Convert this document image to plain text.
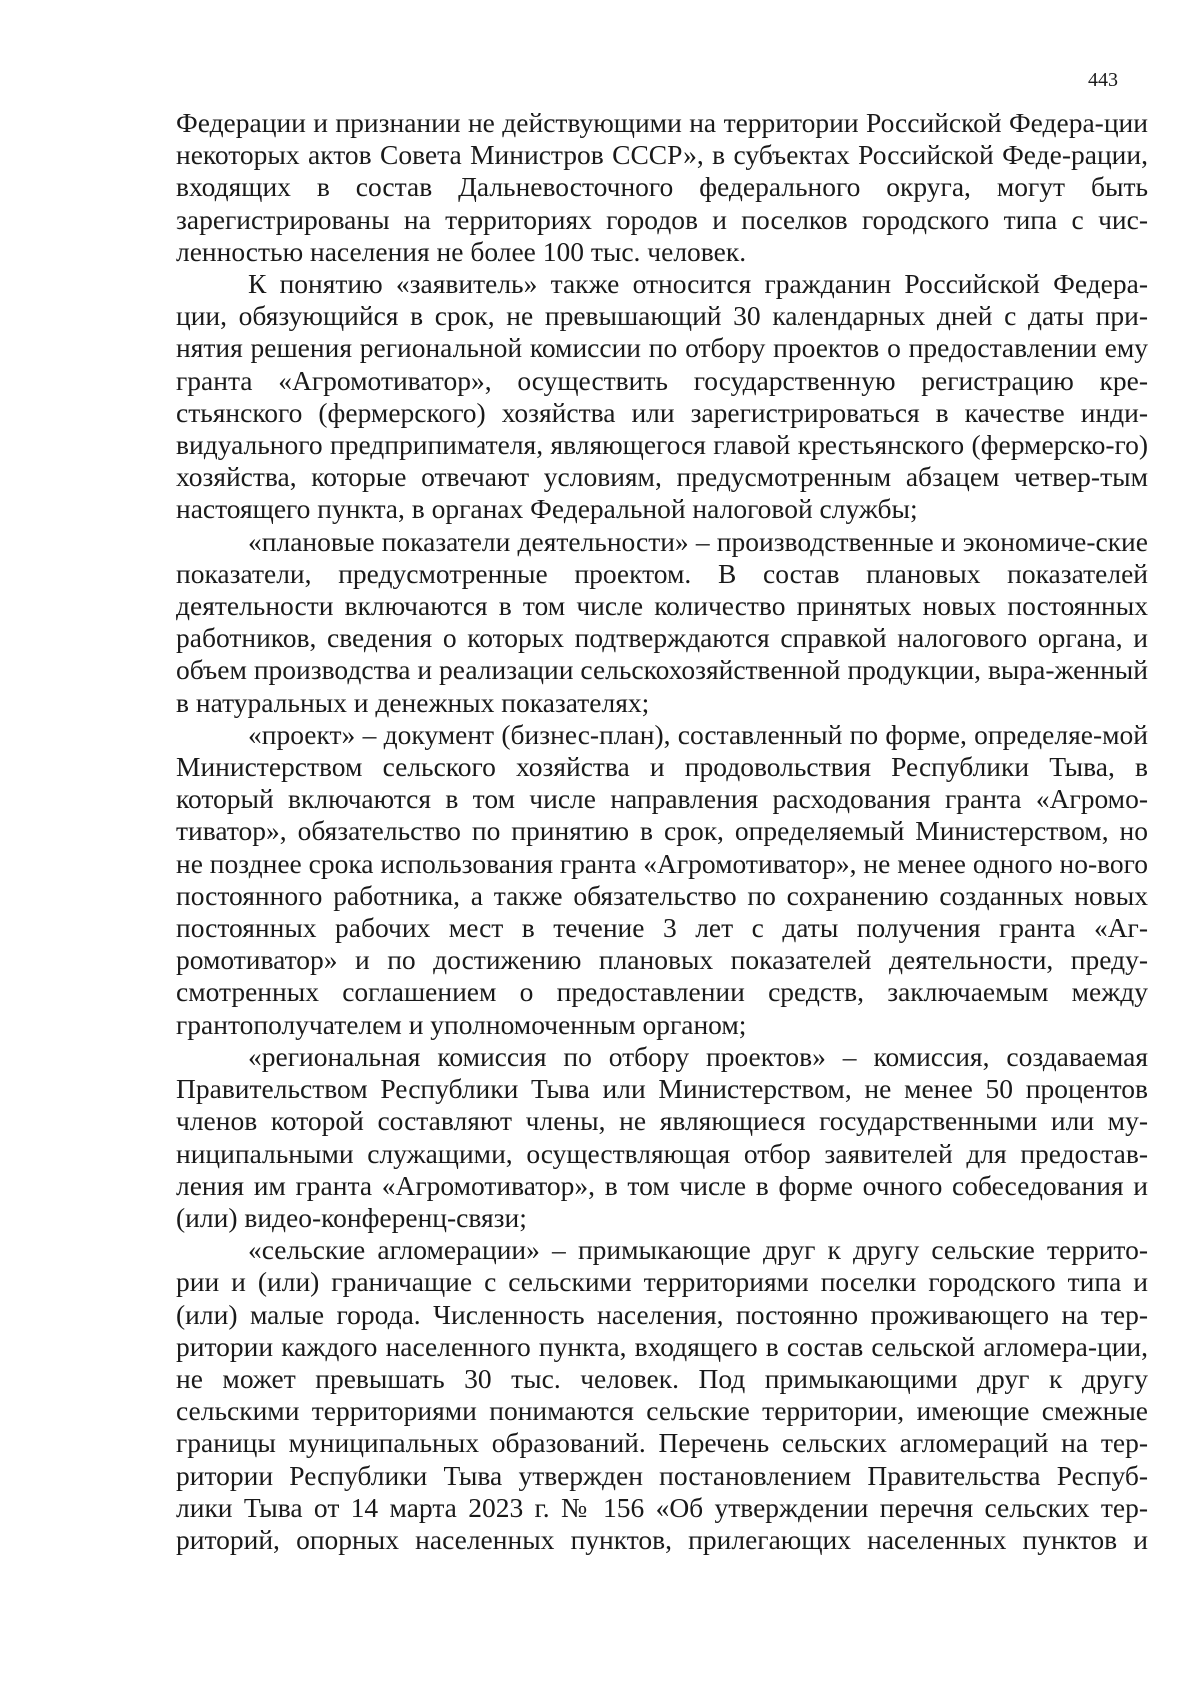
443

Федерации и признании не действующими на территории Российской Федера-ции некоторых актов Совета Министров СССР», в субъектах Российской Феде-рации, входящих в состав Дальневосточного федерального округа, могут быть зарегистрированы на территориях городов и поселков городского типа с чис-ленностью населения не более 100 тыс. человек.

К понятию «заявитель» также относится гражданин Российской Федера-ции, обязующийся в срок, не превышающий 30 календарных дней с даты при-нятия решения региональной комиссии по отбору проектов о предоставлении ему гранта «Агромотиватор», осуществить государственную регистрацию кре-стьянского (фермерского) хозяйства или зарегистрироваться в качестве инди-видуального предприпимателя, являющегося главой крестьянского (фермерско-го) хозяйства, которые отвечают условиям, предусмотренным абзацем четвер-тым настоящего пункта, в органах Федеральной налоговой службы;

«плановые показатели деятельности» – производственные и экономиче-ские показатели, предусмотренные проектом. В состав плановых показателей деятельности включаются в том числе количество принятых новых постоянных работников, сведения о которых подтверждаются справкой налогового органа, и объем производства и реализации сельскохозяйственной продукции, выра-женный в натуральных и денежных показателях;

«проект» – документ (бизнес-план), составленный по форме, определяе-мой Министерством сельского хозяйства и продовольствия Республики Тыва, в который включаются в том числе направления расходования гранта «Агромо-тиватор», обязательство по принятию в срок, определяемый Министерством, но не позднее срока использования гранта «Агромотиватор», не менее одного но-вого постоянного работника, а также обязательство по сохранению созданных новых постоянных рабочих мест в течение 3 лет с даты получения гранта «Аг-ромотиватор» и по достижению плановых показателей деятельности, преду-смотренных соглашением о предоставлении средств, заключаемым между грантополучателем и уполномоченным органом;

«региональная комиссия по отбору проектов» – комиссия, создаваемая Правительством Республики Тыва или Министерством, не менее 50 процентов членов которой составляют члены, не являющиеся государственными или му-ниципальными служащими, осуществляющая отбор заявителей для предостав-ления им гранта «Агромотиватор», в том числе в форме очного собеседования и (или) видео-конференц-связи;

«сельские агломерации» – примыкающие друг к другу сельские террито-рии и (или) граничащие с сельскими территориями поселки городского типа и (или) малые города. Численность населения, постоянно проживающего на тер-ритории каждого населенного пункта, входящего в состав сельской агломера-ции, не может превышать 30 тыс. человек. Под примыкающими друг к другу сельскими территориями понимаются сельские территории, имеющие смежные границы муниципальных образований. Перечень сельских агломераций на тер-ритории Республики Тыва утвержден постановлением Правительства Респуб-лики Тыва от 14 марта 2023 г. № 156 «Об утверждении перечня сельских тер-риторий, опорных населенных пунктов, прилегающих населенных пунктов и
